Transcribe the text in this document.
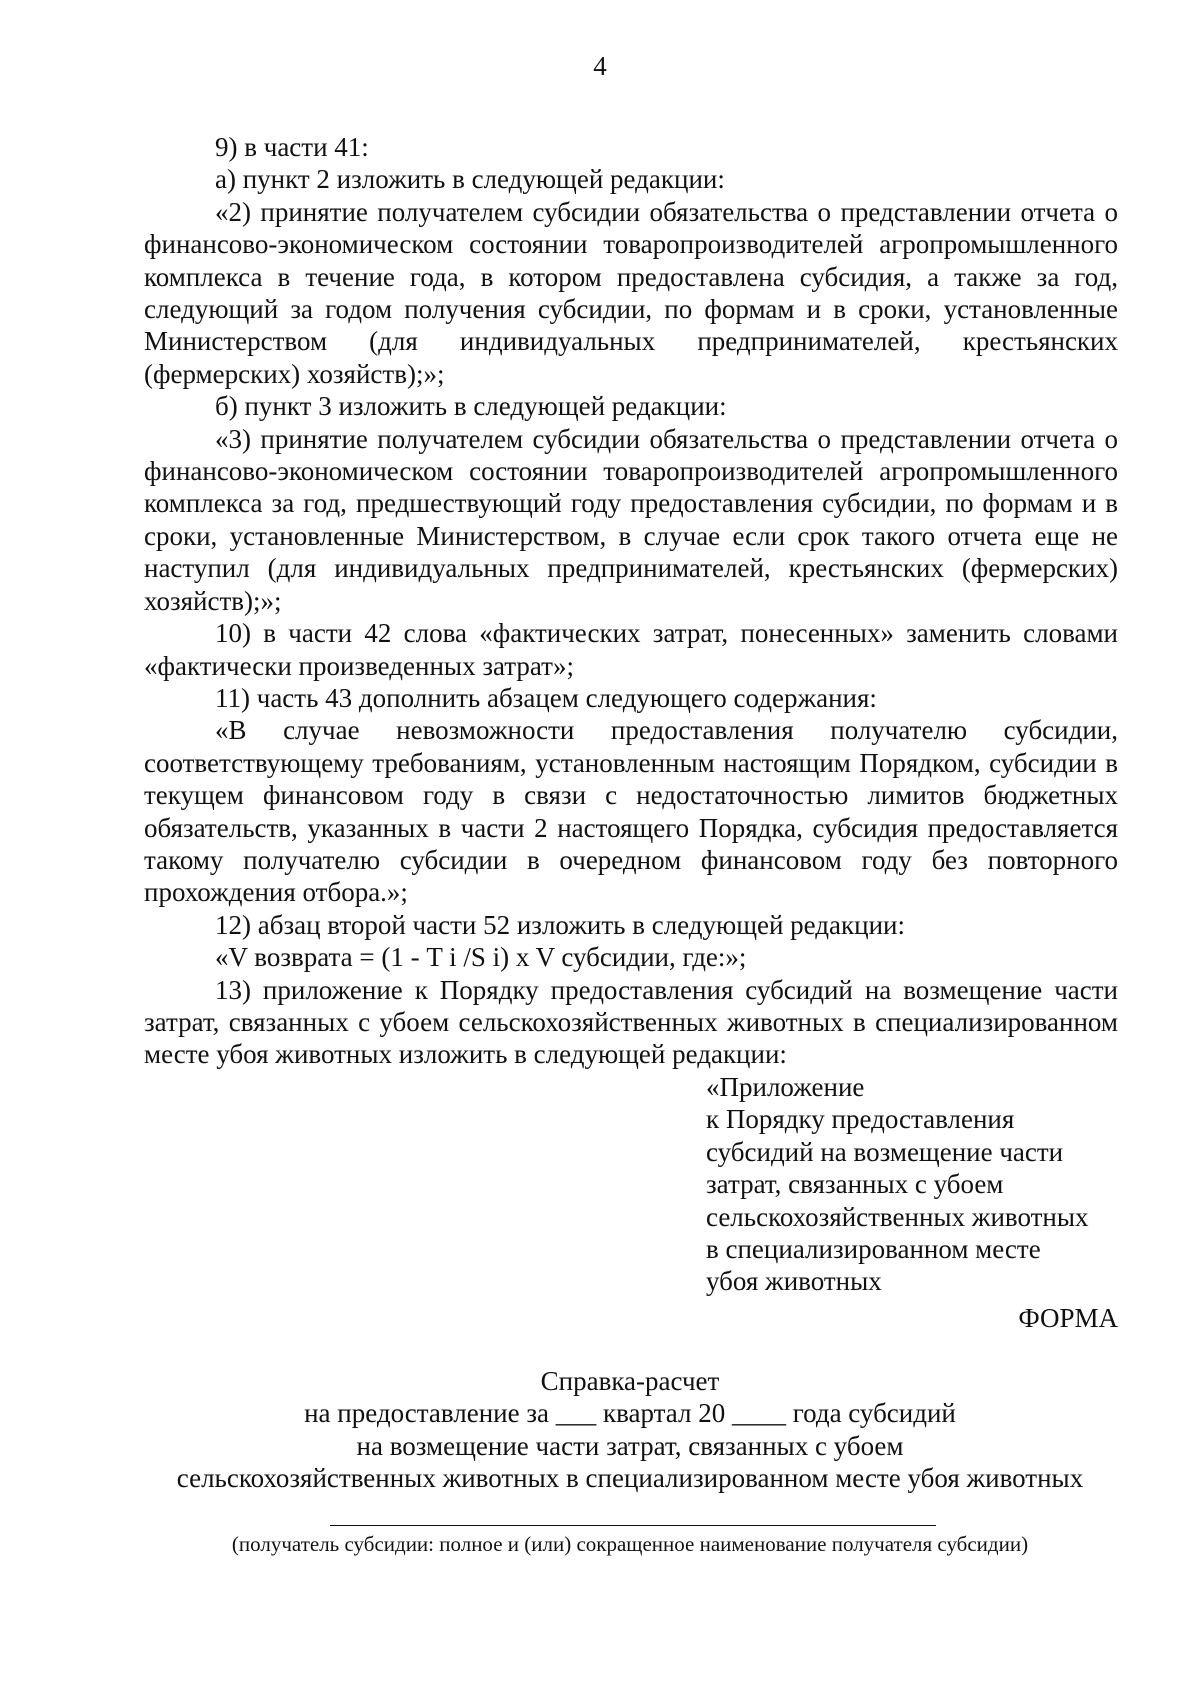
4

9) в части 41:

а) пункт 2 изложить в следующей редакции:

«2) принятие получателем субсидии обязательства о представлении отчета о финансово-экономическом состоянии товаропроизводителей агропромышленного комплекса в течение года, в котором предоставлена субсидия, а также за год, следующий за годом получения субсидии, по формам и в сроки, установленные Министерством (для индивидуальных предпринимателей, крестьянских (фермерских) хозяйств);»;

б) пункт 3 изложить в следующей редакции:

«3) принятие получателем субсидии обязательства о представлении отчета о финансово-экономическом состоянии товаропроизводителей агропромышленного комплекса за год, предшествующий году предоставления субсидии, по формам и в сроки, установленные Министерством, в случае если срок такого отчета еще не наступил (для индивидуальных предпринимателей, крестьянских (фермерских) хозяйств);»;

10) в части 42 слова «фактических затрат, понесенных» заменить словами «фактически произведенных затрат»;

11) часть 43 дополнить абзацем следующего содержания:

«В случае невозможности предоставления получателю субсидии, соответствующему требованиям, установленным настоящим Порядком, субсидии в текущем финансовом году в связи с недостаточностью лимитов бюджетных обязательств, указанных в части 2 настоящего Порядка, субсидия предоставляется такому получателю субсидии в очередном финансовом году без повторного прохождения отбора.»;

12) абзац второй части 52 изложить в следующей редакции:

«V возврата = (1 - T i /S i) x V субсидии, где:»;

13) приложение к Порядку предоставления субсидий на возмещение части затрат, связанных с убоем сельскохозяйственных животных в специализированном месте убоя животных изложить в следующей редакции:

«Приложение
к Порядку предоставления
субсидий на возмещение части
затрат, связанных с убоем
сельскохозяйственных животных
в специализированном месте
убоя животных
ФОРМА
Справка-расчет
на предоставление за ___ квартал 20 ____ года субсидий
на возмещение части затрат, связанных с убоем
сельскохозяйственных животных в специализированном месте убоя животных
(получатель субсидии: полное и (или) сокращенное наименование получателя субсидии)
